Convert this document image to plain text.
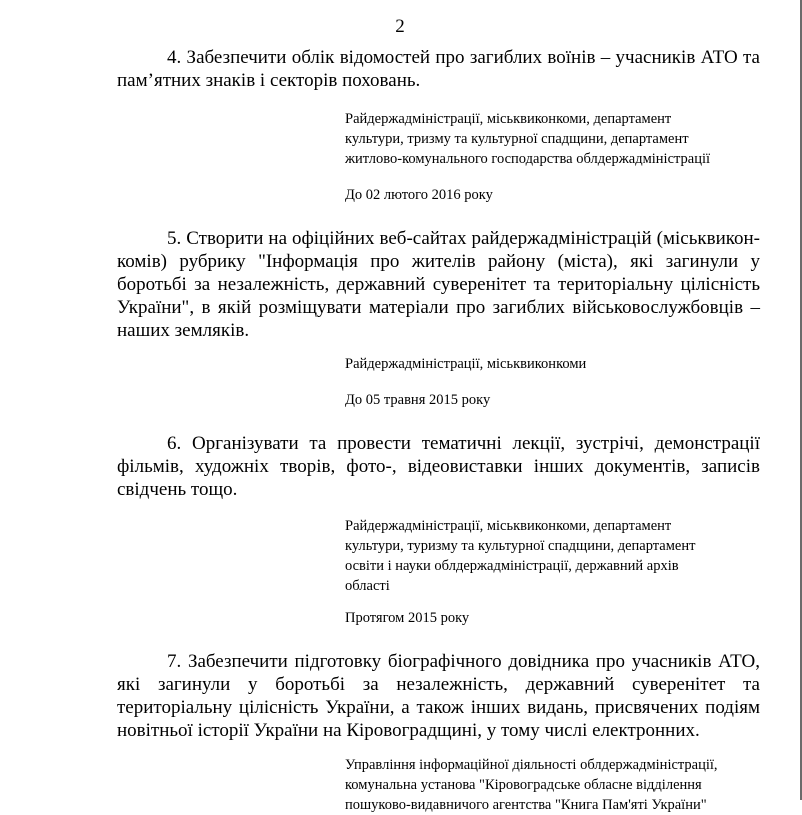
2
4. Забезпечити облік відомостей про загиблих воїнів – учасників АТО та пам’ятних знаків і секторів поховань.
Райдержадміністрації, міськвиконкоми, департамент
культури, тризму та культурної спадщини, департамент
житлово-комунального господарства облдержадміністрації
До 02 лютого 2016 року
5. Створити на офіційних веб-сайтах райдержадміністрацій (міськвикон-комів) рубрику "Інформація про жителів району (міста), які загинули у боротьбі за незалежність, державний суверенітет та територіальну цілісність України", в якій розміщувати матеріали про загиблих військовослужбовців – наших земляків.
Райдержадміністрації, міськвиконкоми
До 05 травня 2015 року
6. Організувати та провести тематичні лекції, зустрічі, демонстрації фільмів, художніх творів, фото-, відеовиставки інших документів, записів свідчень тощо.
Райдержадміністрації, міськвиконкоми, департамент
культури, туризму та культурної спадщини, департамент
освіти і науки облдержадміністрації, державний архів
області
Протягом 2015 року
7. Забезпечити підготовку біографічного довідника про учасників АТО, які загинули у боротьбі за незалежність, державний суверенітет та територіальну цілісність України, а також інших видань, присвячених подіям новітньої історії України на Кіровоградщині, у тому числі електронних.
Управління інформаційної діяльності облдержадміністрації,
комунальна установа "Кіровоградське обласне відділення
пошуково-видавничого агентства "Книга Пам'яті України"
